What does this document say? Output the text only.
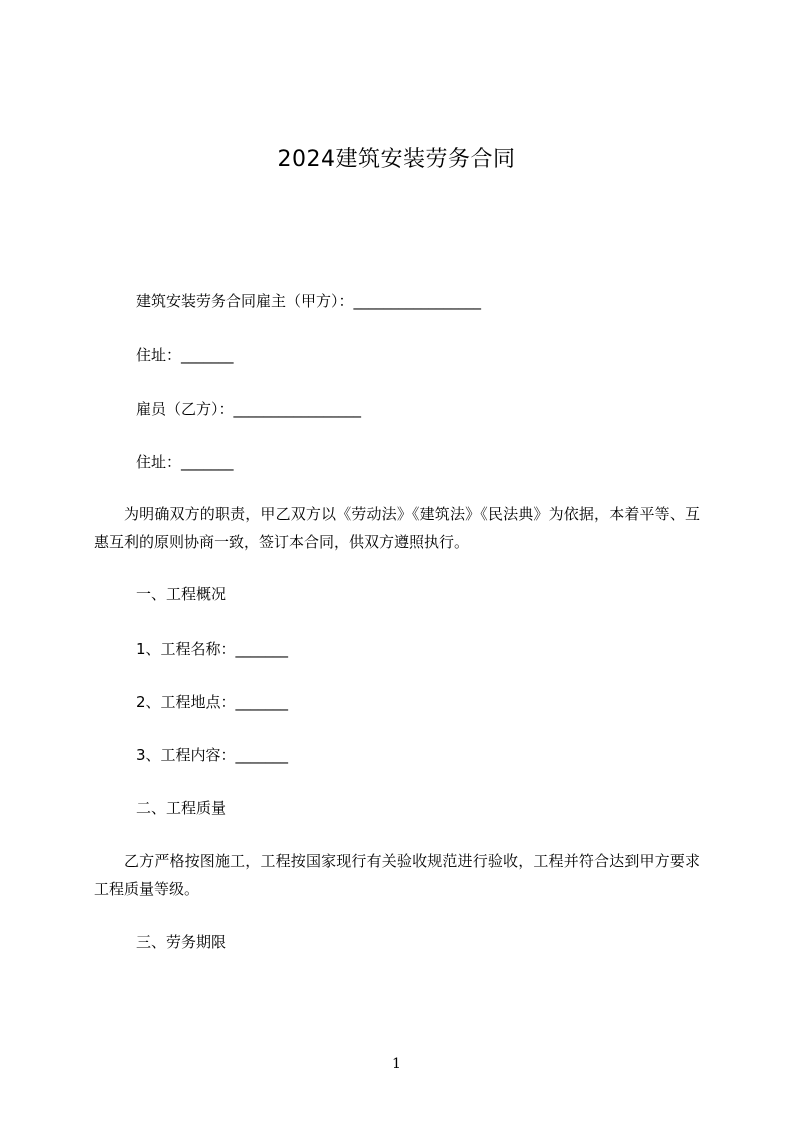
2024建筑安装劳务合同
建筑安装劳务合同雇主（甲方）：_________________
住址：_______
雇员（乙方）：_________________
住址：_______
为明确双方的职责，甲乙双方以《劳动法》《建筑法》《民法典》为依据，本着平等、互惠互利的原则协商一致，签订本合同，供双方遵照执行。
一、工程概况
1、工程名称：_______
2、工程地点：_______
3、工程内容：_______
二、工程质量
乙方严格按图施工，工程按国家现行有关验收规范进行验收，工程并符合达到甲方要求工程质量等级。
三、劳务期限
1
